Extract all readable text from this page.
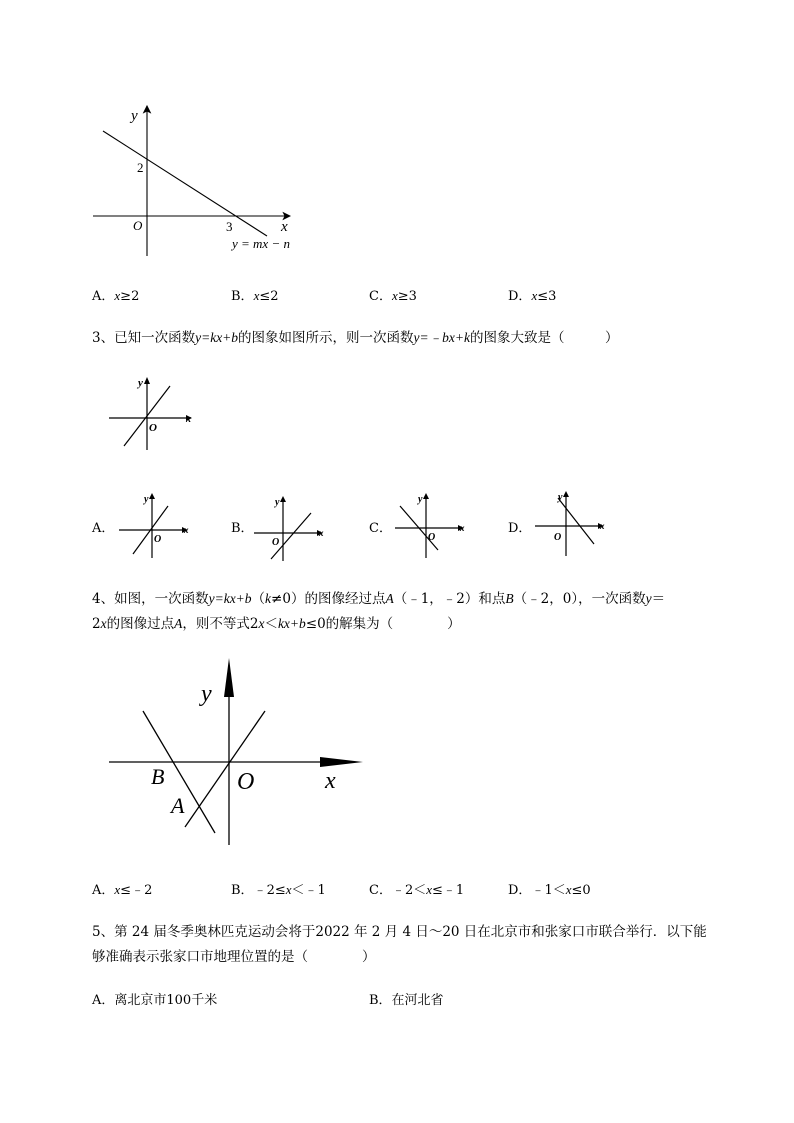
y
x
O
2
3
y = mx − n
A．x≥2	B．x≤2	C．x≥3	D．x≤3
3、已知一次函数y=kx+b的图象如图所示，则一次函数y=﹣bx+k的图象大致是（　　　）
y
x
O
A．
y
x
O
B．
y
x
O
C．
y
x
O
D．
y
x
O
4、如图，一次函数y=kx+b（k≠0）的图像经过点A（﹣1，﹣2）和点B（﹣2，0），一次函数y＝
2x的图像过点A，则不等式2x＜kx+b≤0的解集为（　　　　）
y
x
O
B
A
A．x≤﹣2	B．﹣2≤x＜﹣1	C．﹣2＜x≤﹣1	D．﹣1＜x≤0
5、第 24 届冬季奥林匹克运动会将于2022 年 2 月 4 日～20 日在北京市和张家口市联合举行．以下能
够准确表示张家口市地理位置的是（　　　　）
A．离北京市100千米	B．在河北省
